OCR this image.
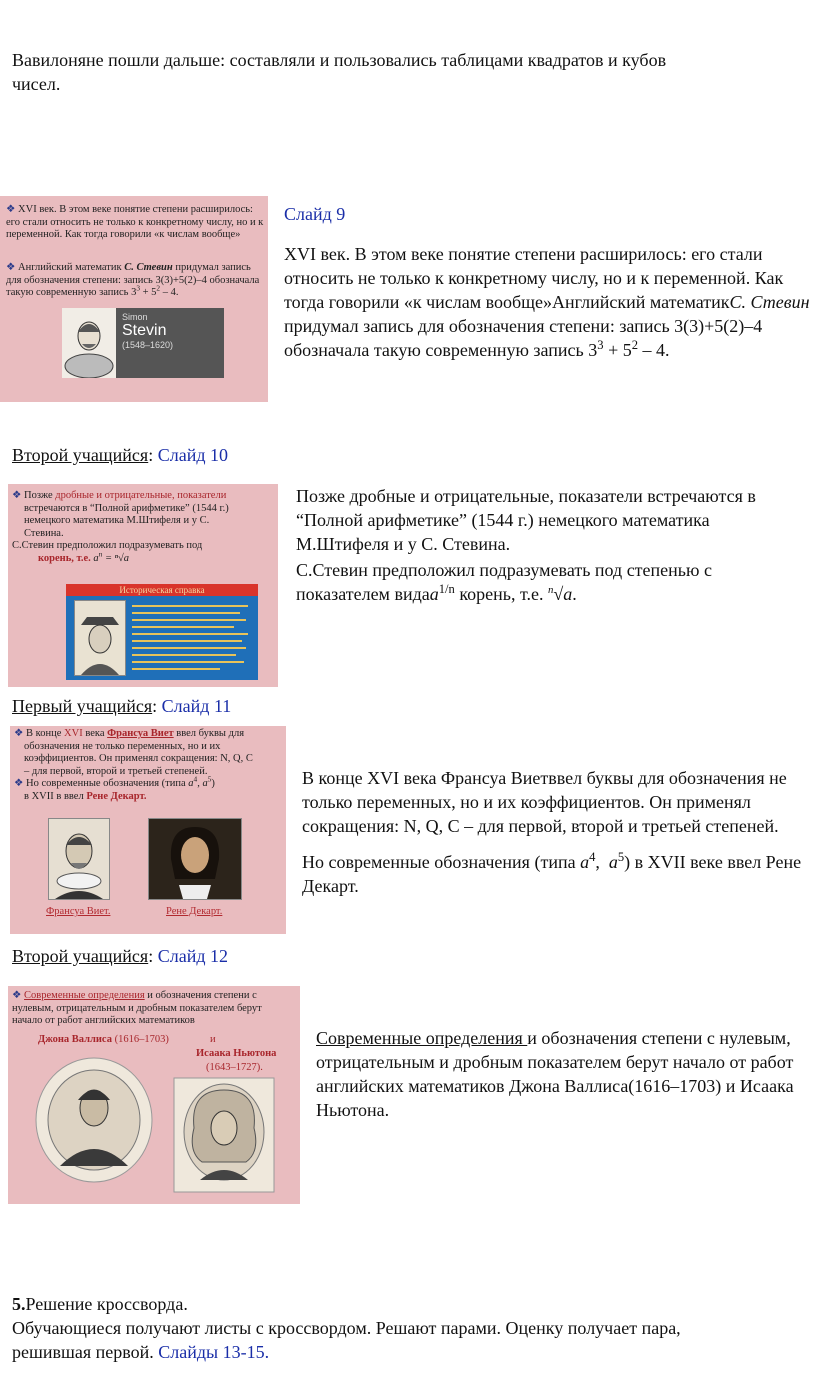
Вавилоняне пошли дальше: составляли и пользовались таблицами квадратов и кубов
чисел.
❖ XVI век. В этом веке понятие степени расширилось: его стали относить не только к конкретному числу, но и к переменной. Как тогда говорили «к числам вообще»
❖ Английский математик С. Стевин придумал запись для обозначения степени: запись 3(3)+5(2)–4 обозначала такую современную запись $3^3 + 5^2 - 4$.
Simon
Stevin
(1548–1620)
Слайд 9
XVI век. В этом веке понятие степени расширилось: его стали относить не только к конкретному числу, но и к переменной. Как тогда говорили «к числам вообще»Английский математикС. Стевин придумал запись для обозначения степени: запись 3(3)+5(2)–4 обозначала такую современную запись $3^3 + 5^2 - 4$.
Второй учащийся: Слайд 10
❖ Позже дробные и отрицательные, показатели
встречаются в “Полной арифметике” (1544 г.)
немецкого математика М.Штифеля и у С.
Стевина.
С.Стевин предположил подразумевать под
корень, т.е. $a^n = ^n√a$
Историческая справка
Позже дробные и отрицательные, показатели встречаются в “Полной арифметике” (1544 г.) немецкого математика М.Штифеля и у С. Стевина.
С.Стевин предположил подразумевать под степенью с показателем видаa$^{1/n}$ корень, т.е. $^n$√a.
Первый учащийся: Слайд 11
❖ В конце XVI века Франсуа Виет ввел буквы для
обозначения не только переменных, но и их
коэффициентов. Он применял сокращения: N, Q, C
– для первой, второй и третьей степеней.
❖ Но современные обозначения (типа $a^4$, $a^5$)
в XVII в ввел Рене Декарт.
Франсуа Виет.	Рене Декарт.
В конце XVI века Франсуа Виетввел буквы для обозначения не только переменных, но и их коэффициентов. Он применял сокращения: N, Q, C – для первой, второй и третьей степеней.
Но современные обозначения (типа $a^4$,  $a^5$) в XVII веке ввел Рене Декарт.
Второй учащийся: Слайд 12
❖ Современные определения и обозначения степени с
нулевым, отрицательным и дробным показателем берут
начало от работ английских математиков
Джона Валлиса (1616–1703)	и
Исаака Ньютона
(1643–1727).
Современные определения и обозначения степени с нулевым, отрицательным и дробным показателем берут начало от работ английских математиков Джона Валлиса(1616–1703) и Исаака Ньютона.
5.Решение кроссворда.
Обучающиеся получают листы с кроссвордом. Решают парами. Оценку получает пара,
решившая первой. Слайды 13-15.
